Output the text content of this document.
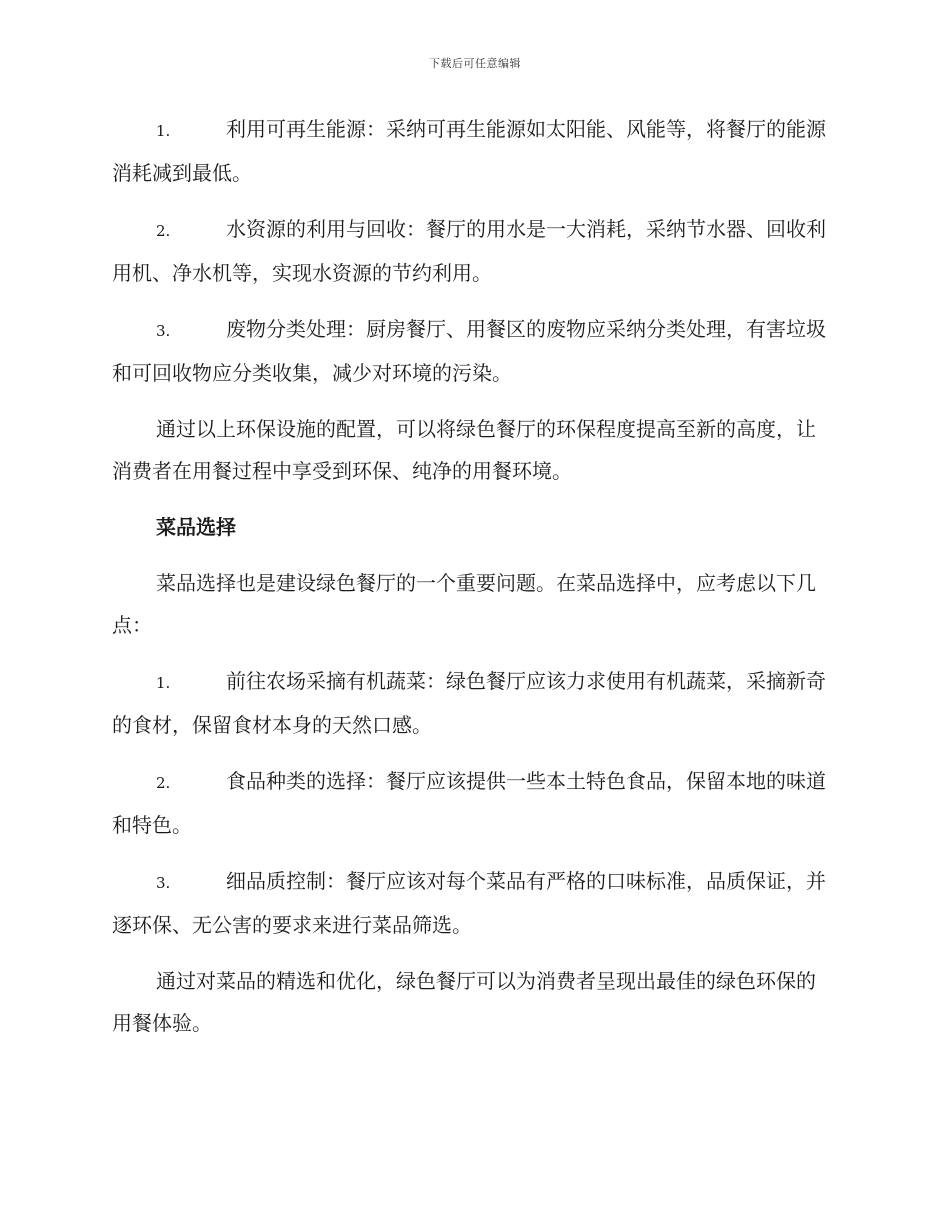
下载后可任意编辑

1.	利用可再生能源：采纳可再生能源如太阳能、风能等，将餐厅的能源消耗减到最低。

2.	水资源的利用与回收：餐厅的用水是一大消耗，采纳节水器、回收利用机、净水机等，实现水资源的节约利用。

3.	废物分类处理：厨房餐厅、用餐区的废物应采纳分类处理，有害垃圾和可回收物应分类收集，减少对环境的污染。

通过以上环保设施的配置，可以将绿色餐厅的环保程度提高至新的高度，让消费者在用餐过程中享受到环保、纯净的用餐环境。

菜品选择

菜品选择也是建设绿色餐厅的一个重要问题。在菜品选择中，应考虑以下几点：

1.	前往农场采摘有机蔬菜：绿色餐厅应该力求使用有机蔬菜，采摘新奇的食材，保留食材本身的天然口感。

2.	食品种类的选择：餐厅应该提供一些本土特色食品，保留本地的味道和特色。

3.	细品质控制：餐厅应该对每个菜品有严格的口味标准，品质保证，并逐环保、无公害的要求来进行菜品筛选。

通过对菜品的精选和优化，绿色餐厅可以为消费者呈现出最佳的绿色环保的用餐体验。
